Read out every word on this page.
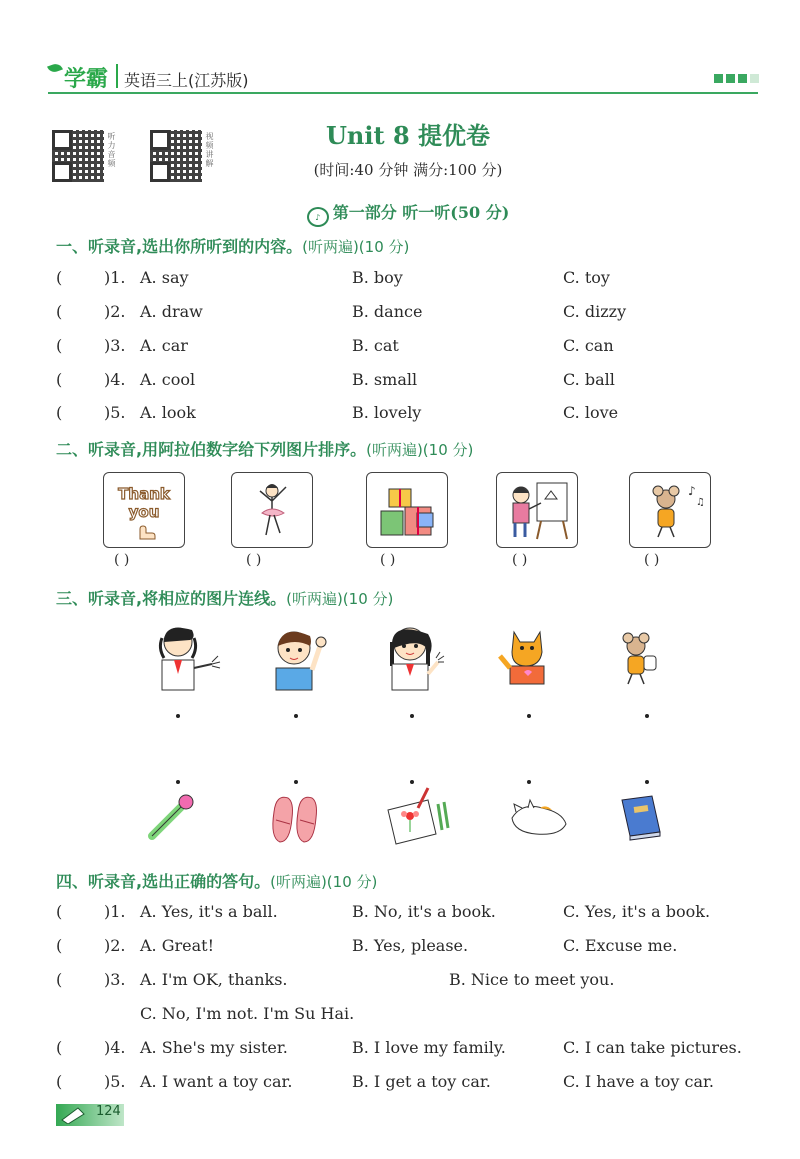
学霸 英语三上(江苏版)
听力音频	视频讲解	Unit 8 提优卷
(时间:40 分钟 满分:100 分)
♪ 第一部分 听一听(50 分)
一、听录音,选出你所听到的内容。(听两遍)(10 分)
(	)1. A. say	B. boy	C. toy
(	)2. A. draw	B. dance	C. dizzy
(	)3. A. car	B. cat	C. can
(	)4. A. cool	B. small	C. ball
(	)5. A. look	B. lovely	C. love
二、听录音,用阿拉伯数字给下列图片排序。(听两遍)(10 分)
Thank
you
♪
♫
( )	( )	( )	( )	( )
三、听录音,将相应的图片连线。(听两遍)(10 分)
四、听录音,选出正确的答句。(听两遍)(10 分)
(	)1. A. Yes, it's a ball.	B. No, it's a book.	C. Yes, it's a book.
(	)2. A. Great!	B. Yes, please.	C. Excuse me.
(	)3. A. I'm OK, thanks.	B. Nice to meet you.
C. No, I'm not. I'm Su Hai.
(	)4. A. She's my sister.	B. I love my family.	C. I can take pictures.
(	)5. A. I want a toy car.	B. I get a toy car.	C. I have a toy car.
124
